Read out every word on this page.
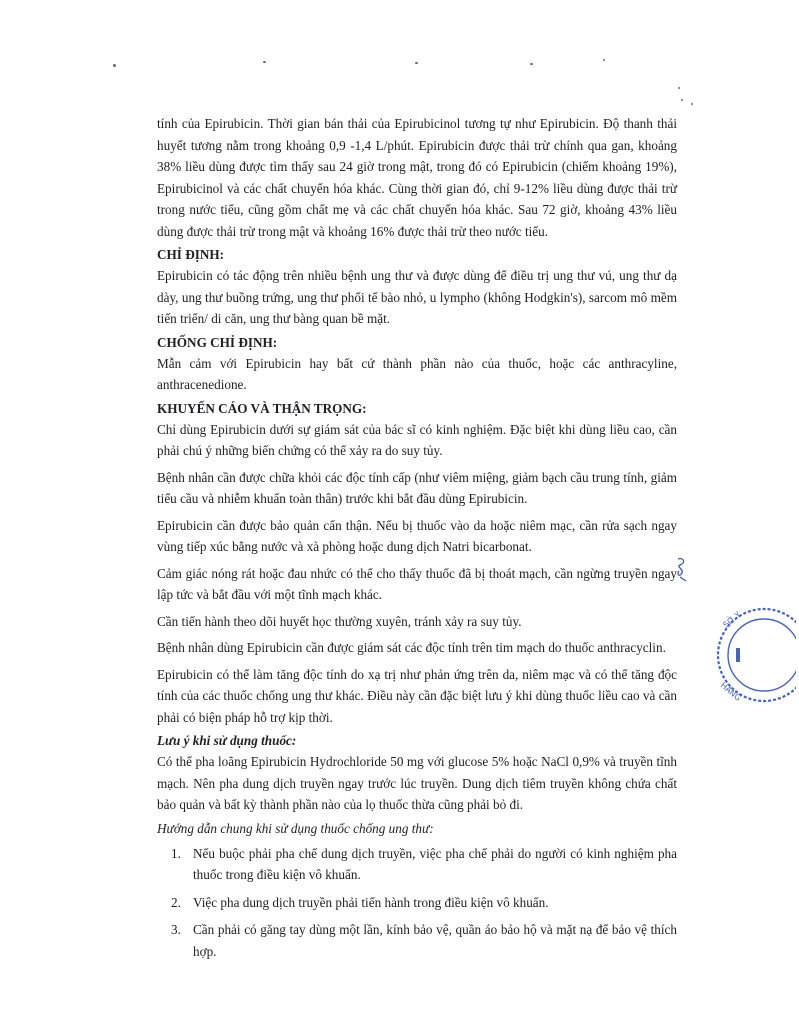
SỞ Y
HÀNG

tính của Epirubicin. Thời gian bán thải của Epirubicinol tương tự như Epirubicin. Độ thanh thải huyết tương nằm trong khoảng 0,9 -1,4 L/phút. Epirubicin được thải trừ chính qua gan, khoảng 38% liều dùng được tìm thấy sau 24 giờ trong mật, trong đó có Epirubicin (chiếm khoảng 19%), Epirubicinol và các chất chuyển hóa khác. Cùng thời gian đó, chỉ 9-12% liều dùng được thải trừ trong nước tiểu, cũng gồm chất mẹ và các chất chuyển hóa khác. Sau 72 giờ, khoảng 43% liều dùng được thải trừ trong mật và khoảng 16% được thải trừ theo nước tiểu.

CHỈ ĐỊNH:

Epirubicin có tác động trên nhiều bệnh ung thư và được dùng để điều trị ung thư vú, ung thư dạ dày, ung thư buồng trứng, ung thư phổi tế bào nhỏ, u lympho (không Hodgkin's), sarcom mô mềm tiến triển/ di căn, ung thư bàng quan bề mặt.

CHỐNG CHỈ ĐỊNH:

Mẫn cảm với Epirubicin hay bất cứ thành phần nào của thuốc, hoặc các anthracyline, anthracenedione.

KHUYẾN CÁO VÀ THẬN TRỌNG:

Chỉ dùng Epirubicin dưới sự giám sát của bác sĩ có kinh nghiệm. Đặc biệt khi dùng liều cao, cần phải chú ý những biến chứng có thể xảy ra do suy tủy.

Bệnh nhân cần được chữa khỏi các độc tính cấp (như viêm miệng, giảm bạch cầu trung tính, giảm tiểu cầu và nhiễm khuẩn toàn thân) trước khi bắt đầu dùng Epirubicin.

Epirubicin cần được bảo quản cẩn thận. Nếu bị thuốc vào da hoặc niêm mạc, cần rửa sạch ngay vùng tiếp xúc bằng nước và xà phòng hoặc dung dịch Natri bicarbonat.

Cảm giác nóng rát hoặc đau nhức có thể cho thấy thuốc đã bị thoát mạch, cần ngừng truyền ngay lập tức và bắt đầu với một tĩnh mạch khác.

Cần tiến hành theo dõi huyết học thường xuyên, tránh xảy ra suy tủy.

Bệnh nhân dùng Epirubicin cần được giám sát các độc tính trên tim mạch do thuốc anthracyclin.

Epirubicin có thể làm tăng độc tính do xạ trị như phản ứng trên da, niêm mạc và có thể tăng độc tính của các thuốc chống ung thư khác. Điều này cần đặc biệt lưu ý khi dùng thuốc liều cao và cần phải có biện pháp hỗ trợ kịp thời.

Lưu ý khi sử dụng thuốc:

Có thể pha loãng Epirubicin Hydrochloride 50 mg với glucose 5% hoặc NaCl 0,9% và truyền tĩnh mạch. Nên pha dung dịch truyền ngay trước lúc truyền. Dung dịch tiêm truyền không chứa chất bảo quản và bất kỳ thành phần nào của lọ thuốc thừa cũng phải bỏ đi.

Hướng dẫn chung khi sử dụng thuốc chống ung thư:
1. Nếu buộc phải pha chế dung dịch truyền, việc pha chế phải do người có kinh nghiệm pha thuốc trong điều kiện vô khuẩn.
2. Việc pha dung dịch truyền phải tiến hành trong điều kiện vô khuẩn.
3. Cần phải có găng tay dùng một lần, kính bảo vệ, quần áo bảo hộ và mặt nạ để bảo vệ thích hợp.
